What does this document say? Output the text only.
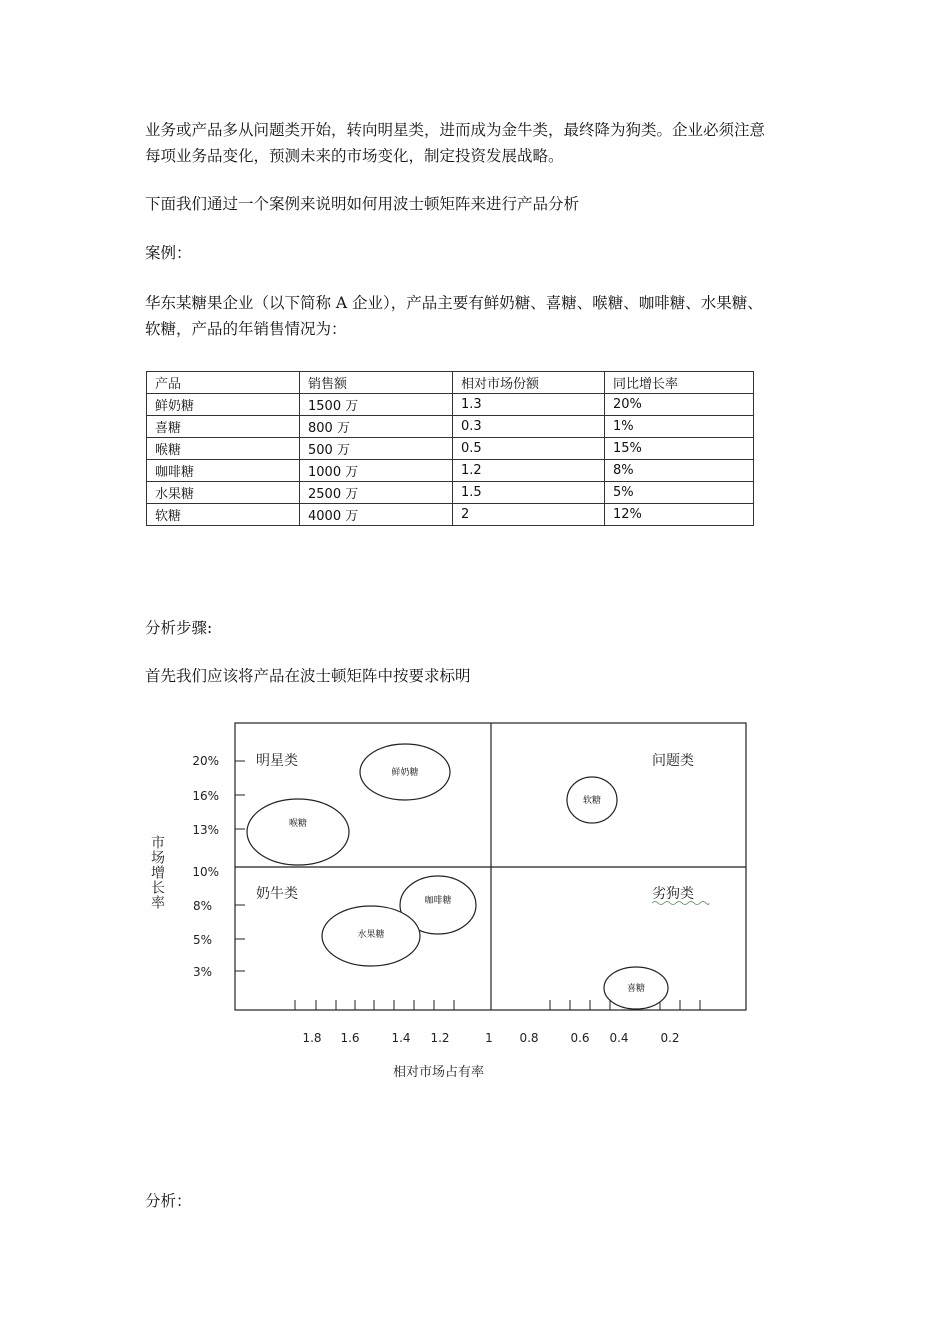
业务或产品多从问题类开始，转向明星类，进而成为金牛类，最终降为狗类。企业必须注意

每项业务品变化，预测未来的市场变化，制定投资发展战略。

下面我们通过一个案例来说明如何用波士顿矩阵来进行产品分析

案例：

华东某糖果企业（以下简称 A 企业），产品主要有鲜奶糖、喜糖、喉糖、咖啡糖、水果糖、

软糖，产品的年销售情况为：

产品	销售额	相对市场份额	同比增长率
鲜奶糖	1500 万	1.3	20%
喜糖	800 万	0.3	1%
喉糖	500 万	0.5	15%
咖啡糖	1000 万	1.2	8%
水果糖	2500 万	1.5	5%
软糖	4000 万	2	12%

分析步骤:

首先我们应该将产品在波士顿矩阵中按要求标明

20%
16%
13%
10%
8%
5%
3%
1.8 1.6	1.4 1.2	1 0.8	0.6 0.4	0.2
相对市场占有率
市场增长率
明星类	问题类
奶牛类	劣狗类
鲜奶糖
喉糖
软糖
咖啡糖
水果糖
喜糖

分析：
